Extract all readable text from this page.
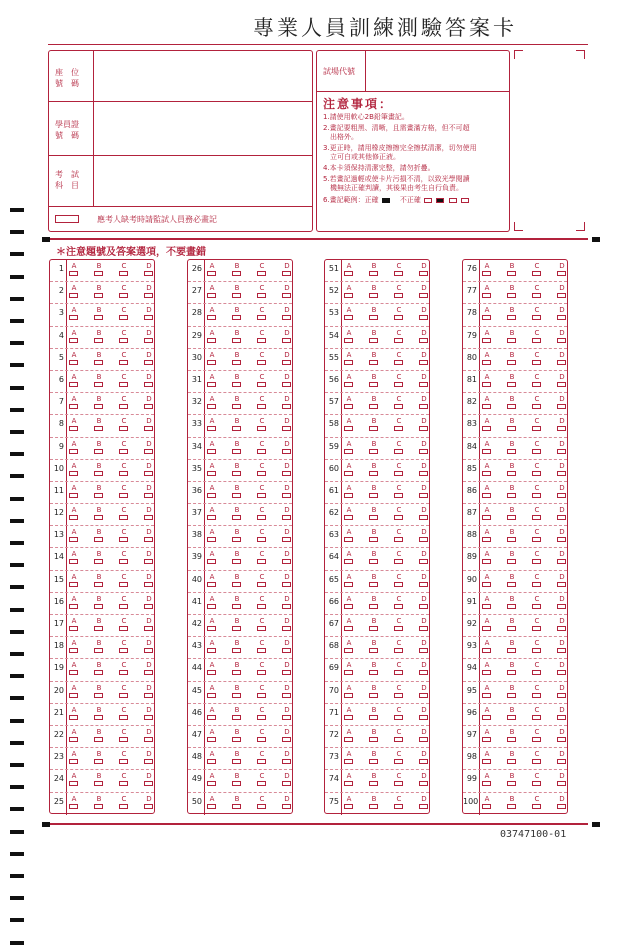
專業人員訓練測驗答案卡
座　位
號　碼
學員證
號　碼
考　試
科　目
應考人缺考時請監試人員務必畫記
試場代號
注意事項：
1.請使用軟心2B鉛筆畫記。
2.畫記要粗黑、清晰，且需畫滿方格，但不可超
　出格外。
3.更正時，請用橡皮擦擦完全擦拭清潔，切勿使用
　立可白或其他修正液。
4.本卡須保持清潔完整，請勿折疊。
5.若畫記過輕或使卡片污損不清，以致光學閱讀
　機無法正確判讀，其後果由考生自行負責。
6.畫記範例：正確	不正確
＊注意題號及答案選項，不要畫錯
1	A	B	C	D
2	A	B	C	D
3	A	B	C	D
4	A	B	C	D
5	A	B	C	D
6	A	B	C	D
7	A	B	C	D
8	A	B	C	D
9	A	B	C	D
10	A	B	C	D
11	A	B	C	D
12	A	B	C	D
13	A	B	C	D
14	A	B	C	D
15	A	B	C	D
16	A	B	C	D
17	A	B	C	D
18	A	B	C	D
19	A	B	C	D
20	A	B	C	D
21	A	B	C	D
22	A	B	C	D
23	A	B	C	D
24	A	B	C	D
25	A	B	C	D
26	A	B	C	D
27	A	B	C	D
28	A	B	C	D
29	A	B	C	D
30	A	B	C	D
31	A	B	C	D
32	A	B	C	D
33	A	B	C	D
34	A	B	C	D
35	A	B	C	D
36	A	B	C	D
37	A	B	C	D
38	A	B	C	D
39	A	B	C	D
40	A	B	C	D
41	A	B	C	D
42	A	B	C	D
43	A	B	C	D
44	A	B	C	D
45	A	B	C	D
46	A	B	C	D
47	A	B	C	D
48	A	B	C	D
49	A	B	C	D
50	A	B	C	D
51	A	B	C	D
52	A	B	C	D
53	A	B	C	D
54	A	B	C	D
55	A	B	C	D
56	A	B	C	D
57	A	B	C	D
58	A	B	C	D
59	A	B	C	D
60	A	B	C	D
61	A	B	C	D
62	A	B	C	D
63	A	B	C	D
64	A	B	C	D
65	A	B	C	D
66	A	B	C	D
67	A	B	C	D
68	A	B	C	D
69	A	B	C	D
70	A	B	C	D
71	A	B	C	D
72	A	B	C	D
73	A	B	C	D
74	A	B	C	D
75	A	B	C	D
76	A	B	C	D
77	A	B	C	D
78	A	B	C	D
79	A	B	C	D
80	A	B	C	D
81	A	B	C	D
82	A	B	C	D
83	A	B	C	D
84	A	B	C	D
85	A	B	C	D
86	A	B	C	D
87	A	B	C	D
88	A	B	C	D
89	A	B	C	D
90	A	B	C	D
91	A	B	C	D
92	A	B	C	D
93	A	B	C	D
94	A	B	C	D
95	A	B	C	D
96	A	B	C	D
97	A	B	C	D
98	A	B	C	D
99	A	B	C	D
100 A	B	C	D
03747100-01
